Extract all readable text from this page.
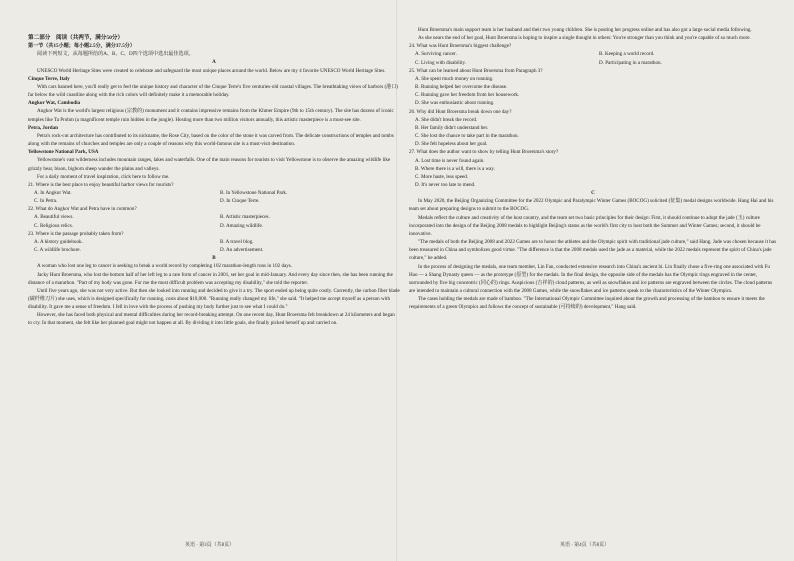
第二部分　阅读（共两节，满分50分）

第一节（共15小题；每小题2.5分，满分37.5分）

阅读下列短文，从每题所给的A、B、C、D四个选项中选出最佳选项。

A

UNESCO World Heritage Sites were created to celebrate and safeguard the most unique places around the world. Below are my 4 favorite UNESCO World Heritage Sites.

Cinque Terre, Italy

With cars banned here, you'll really get to feel the unique history and character of the Cinque Terre's five centuries-old coastal villages. The breathtaking views of harbors (港口) far below the wild coastline along with the rich colors will definitely make it a memorable holiday.

Angkor Wat, Cambodia

Angkor Wat is the world's largest religious (宗教的) monument and it contains impressive remains from the Khmer Empire (9th to 15th century). The site has dozens of iconic temples like Ta Prohm (a magnificent temple ruin hidden in the jungle). Hosting more than two million visitors annually, this artistic masterpiece is a must-see site.

Petra, Jordan

Petra's rock-cut architecture has contributed to its nickname, the Rose City, based on the color of the stone it was carved from. The delicate constructions of temples and tombs along with the remains of churches and temples are only a couple of reasons why this world-famous site is a must-visit destination.

Yellowstone National Park, USA

Yellowstone's vast wilderness includes mountain ranges, lakes and waterfalls. One of the main reasons for tourists to visit Yellowstone is to observe the amazing wildlife like grizzly bear, bison, bighorn sheep wander the plains and valleys.

For a daily moment of travel inspiration, click here to follow me.

21. Where is the best place to enjoy beautiful harbor views for tourists?

A. In Angkor Wat.	B. In Yellowstone National Park.
C. In Petra.	D. In Cinque Terre.

22. What do Angkor Wat and Petra have in common?

A. Beautiful views.	B. Artistic masterpieces.
C. Religious relics.	D. Amazing wildlife.

23. Where is the passage probably taken from?

A. A history guidebook.	B. A travel blog.
C. A wildlife brochure.	D. An advertisement.

B

A woman who lost one leg to cancer is seeking to break a world record by completing 102 marathon-length runs in 102 days.

Jacky Hunt Broersma, who lost the bottom half of her left leg to a rare form of cancer in 2001, set her goal in mid-January. And every day since then, she has been running the distance of a marathon. "Part of my body was gone. For me the most difficult problem was accepting my disability," she told the reporter.

Until five years ago, she was not very active. But then she looked into running and decided to give it a try. The sport ended up being quite costly. Currently, the carbon fiber blade (碳纤维刀片) she uses, which is designed specifically for running, costs about $10,000. "Running really changed my life," she said. "It helped me accept myself as a person with disability. It gave me a sense of freedom. I fell in love with the process of pushing my body further just to see what I could do."

However, she has faced both physical and mental difficulties during her record-breaking attempt. On one recent day, Hunt Broersma felt breakdown at 24 kilometers and began to cry. In that moment, she felt like her planned goal might not happen at all. By dividing it into little goals, she finally picked herself up and carried on.

英语 · 第3页（共8页）

Hunt Broersma's main support team is her husband and their two young children. She is posting her progress online and has also got a large social media following.

As she nears the end of her goal, Hunt Broersma is hoping to inspire a single thought in others: You're stronger than you think and you're capable of so much more.

24. What was Hunt Broersma's biggest challenge?

A. Surviving cancer.	B. Keeping a world record.
C. Living with disability.	D. Participating in a marathon.

25. What can be learned about Hunt Broersma from Paragraph 3?

A. She spent much money on running.

B. Running helped her overcome the disease.

C. Running gave her freedom from her housework.

D. She was enthusiastic about running.

26. Why did Hunt Broersma break down one day?

A. She didn't break the record.

B. Her family didn't understand her.

C. She lost the chance to take part in the marathon.

D. She felt hopeless about her goal.

27. What does the author want to show by telling Hunt Broersma's story?

A. Lost time is never found again.

B. Where there is a will, there is a way.

C. More haste, less speed.

D. It's never too late to mend.

C

In May 2020, the Beijing Organizing Committee for the 2022 Olympic and Paralympic Winter Games (BOCOG) solicited (征集) medal designs worldwide. Hang Hai and his team set about preparing designs to submit to the BOCOG.

Medals reflect the culture and creativity of the host country, and the team set two basic principles for their design: First, it should continue to adopt the jade (玉) culture incorporated into the design of the Beijing 2008 medals to highlight Beijing's status as the world's first city to host both the Summer and Winter Games; second, it should be innovative.

"The medals of both the Beijing 2008 and 2022 Games are to honor the athletes and the Olympic spirit with traditional jade culture," said Hang. Jade was chosen because it has been treasured in China and symbolizes good virtue. "The difference is that the 2008 medals used the jade as a material, while the 2022 medals represent the spirit of China's jade culture," he added.

In the process of designing the medals, one team member, Lin Fan, conducted extensive research into China's ancient bi. Lin finally chose a five-ring one associated with Fu Hao — a Shang Dynasty queen — as the prototype (原型) for the medals. In the final design, the opposite side of the medals has the Olympic rings engraved in the center, surrounded by five big concentric (同心的) rings. Auspicious (吉祥的) cloud patterns, as well as snowflakes and ice patterns are engraved between the circles. The cloud patterns are intended to maintain a cultural connection with the 2008 Games, while the snowflakes and ice patterns speak to the characteristics of the Winter Olympics.

The cases holding the medals are made of bamboo. "The International Olympic Committee inquired about the growth and processing of the bamboo to ensure it meets the requirements of a green Olympics and follows the concept of sustainable (可持续的) development," Hang said.

英语 · 第4页（共8页）
